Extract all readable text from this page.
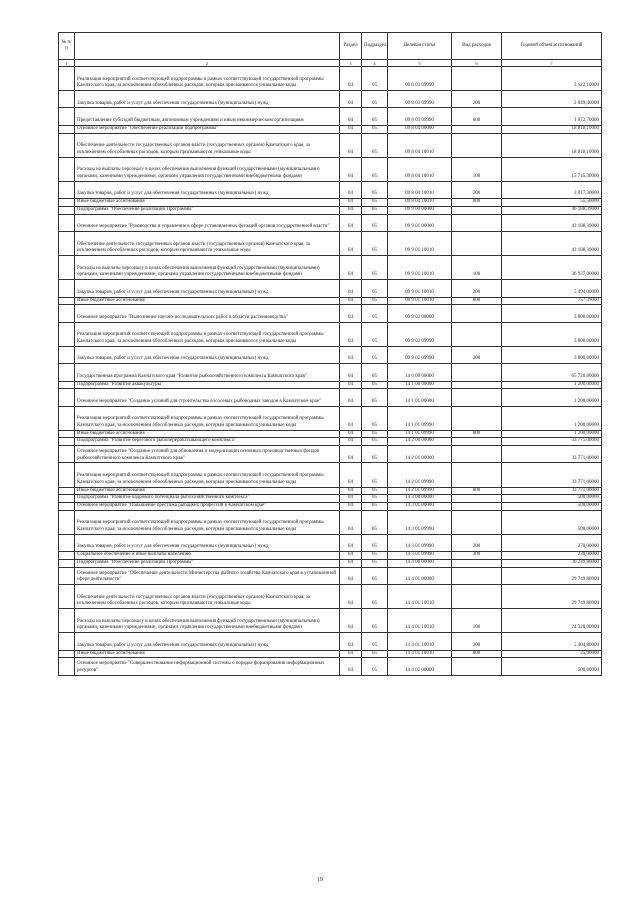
№ п/п		Раздел	Подраздел	Целевая статья	Вид расходов	Годовой объем ассигнований
1	2	3	4	5	6	7
	Реализация мероприятий соответствующей подпрограммы в рамках соответствующей государственной программы Камчатского края, за исключением обособленных расходов, которым присваиваются уникальные коды	04	05	09 8 03 09990		3 122,10000
	Закупка товаров, работ и услуг для обеспечения государственных (муниципальных) нужд	04	05	09 8 03 09990	200	2 049,40000
	Предоставление субсидий бюджетным, автономным учреждениям и иным некоммерческим организациям	04	05	09 8 03 09990	600	1 072,70000
	Основное мероприятие "Обеспечение реализации подпрограммы"	04	05	09 8 04 00000		18 818,10000
	Обеспечение деятельности государственных органов власти (государственных органов) Камчатского края, за исключением обособленных расходов, которым присваиваются уникальные коды	04	05	09 8 04 10010		18 818,10000
	Расходы на выплаты персоналу в целях обеспечения выполнения функций государственными (муниципальными) органами, казенными учреждениями, органами управления государственными внебюджетными фондами	04	05	09 8 04 10010	100	15 745,30000
	Закупка товаров, работ и услуг для обеспечения государственных (муниципальных) нужд	04	05	09 8 04 10010	200	3 017,30000
	Иные бюджетные ассигнования	04	05	09 8 04 10010	800	55,50000
	Подпрограмма "Обеспечение реализации Программы"	04	05	09 9 00 00000		46 188,39000
	Основное мероприятие "Руководство и управление в сфере установленных функций органов государственной власти"	04	05	09 9 01 00000		43 188,39000
	Обеспечение деятельности государственных органов власти (государственных органов) Камчатского края, за исключением обособленных расходов, которым присваиваются уникальные коды	04	05	09 9 01 10010		43 188,39000
	Расходы на выплаты персоналу в целях обеспечения выполнения функций государственными (муниципальными) органами, казенными учреждениями, органами управления государственными внебюджетными фондами	04	05	09 9 01 10010	100	36 937,00000
	Закупка товаров, работ и услуг для обеспечения государственных (муниципальных) нужд	04	05	09 9 01 10010	200	5 494,00000
	Иные бюджетные ассигнования	04	05	09 9 01 10010	800	757,39000
	Основное мероприятие "Выполнение научно-исследовательских работ в области растениеводства"	04	05	09 9 02 00000		3 000,00000
	Реализация мероприятий соответствующей подпрограммы в рамках соответствующей государственной программы Камчатского края, за исключением обособленных расходов, которым присваиваются уникальные коды	04	05	09 9 02 09990		3 000,00000
	Закупка товаров, работ и услуг для обеспечения государственных (муниципальных) нужд	04	05	09 9 02 09990	200	3 000,00000
	Государственная программа Камчатского края "Развитие рыбохозяйственного комплекса Камчатского края"	04	05	14 0 00 00000		65 720,80000
	Подпрограмма "Развитие аквакультуры"	04	05	14 1 00 00000		1 200,00000
	Основное мероприятие "Создание условий для строительства лососевых рыбоводных заводов в Камчатском крае"	04	05	14 1 01 00000		1 200,00000
	Реализация мероприятий соответствующей подпрограммы в рамках соответствующей государственной программы Камчатского края, за исключением обособленных расходов, которым присваиваются уникальные коды	04	05	14 1 01 09990		1 200,00000
	Иные бюджетные ассигнования	04	05	14 1 01 09990	800	1 200,00000
	Подпрограмма "Развитие берегового рыбоперерабатывающего комплекса"	04	05	14 2 00 00000		33 771,00000
	Основное мероприятие "Создание условий для обновления и модернизации основных производственных фондов рыбохозяйственного комплекса Камчатского края"	04	05	14 2 01 00000		33 771,00000
	Реализация мероприятий соответствующей подпрограммы в рамках соответствующей государственной программы Камчатского края, за исключением обособленных расходов, которым присваиваются уникальные коды	04	05	14 2 01 09990		33 771,00000
	Иные бюджетные ассигнования	04	05	14 2 01 09990	800	33 771,00000
	Подпрограмма "Развитие кадрового потенциала рыбохозяйственного комплекса"	04	05	14 3 00 00000		500,00000
	Основное мероприятие "Повышение престижа рыбацких профессий в Камчатском крае"	04	05	14 3 01 00000		500,00000
	Реализация мероприятий соответствующей подпрограммы в рамках соответствующей государственной программы Камчатского края, за исключением обособленных расходов, которым присваиваются уникальные коды	04	05	14 3 01 09990		500,00000
	Закупка товаров, работ и услуг для обеспечения государственных (муниципальных) нужд	04	05	14 3 01 09990	200	270,00000
	Социальное обеспечение и иные выплаты населению	04	05	14 3 01 09990	300	230,00000
	Подпрограмма "Обеспечение реализации Программы"	04	05	14 4 00 00000		30 249,80000
	Основное мероприятие "Обеспечение деятельности Министерства рыбного хозяйства Камчатского края в установленной сфере деятельности"	04	05	14 4 01 00000		29 749,80000
	Обеспечение деятельности государственных органов власти (государственных органов) Камчатского края, за исключением обособленных расходов, которым присваиваются уникальные коды	04	05	14 4 01 10010		29 749,80000
	Расходы на выплаты персоналу в целях обеспечения выполнения функций государственными (муниципальными) органами, казенными учреждениями, органами управления государственными внебюджетными фондами	04	05	14 4 01 10010	100	24 320,00000
	Закупка товаров, работ и услуг для обеспечения государственных (муниципальных) нужд	04	05	14 4 01 10010	200	5 404,80000
	Иные бюджетные ассигнования	04	05	14 4 01 10010	800	25,00000
	Основное мероприятие "Совершенствование информационной системы о порядке формирования информационных ресурсов"	04	05	14 4 02 00000		500,00000
19
